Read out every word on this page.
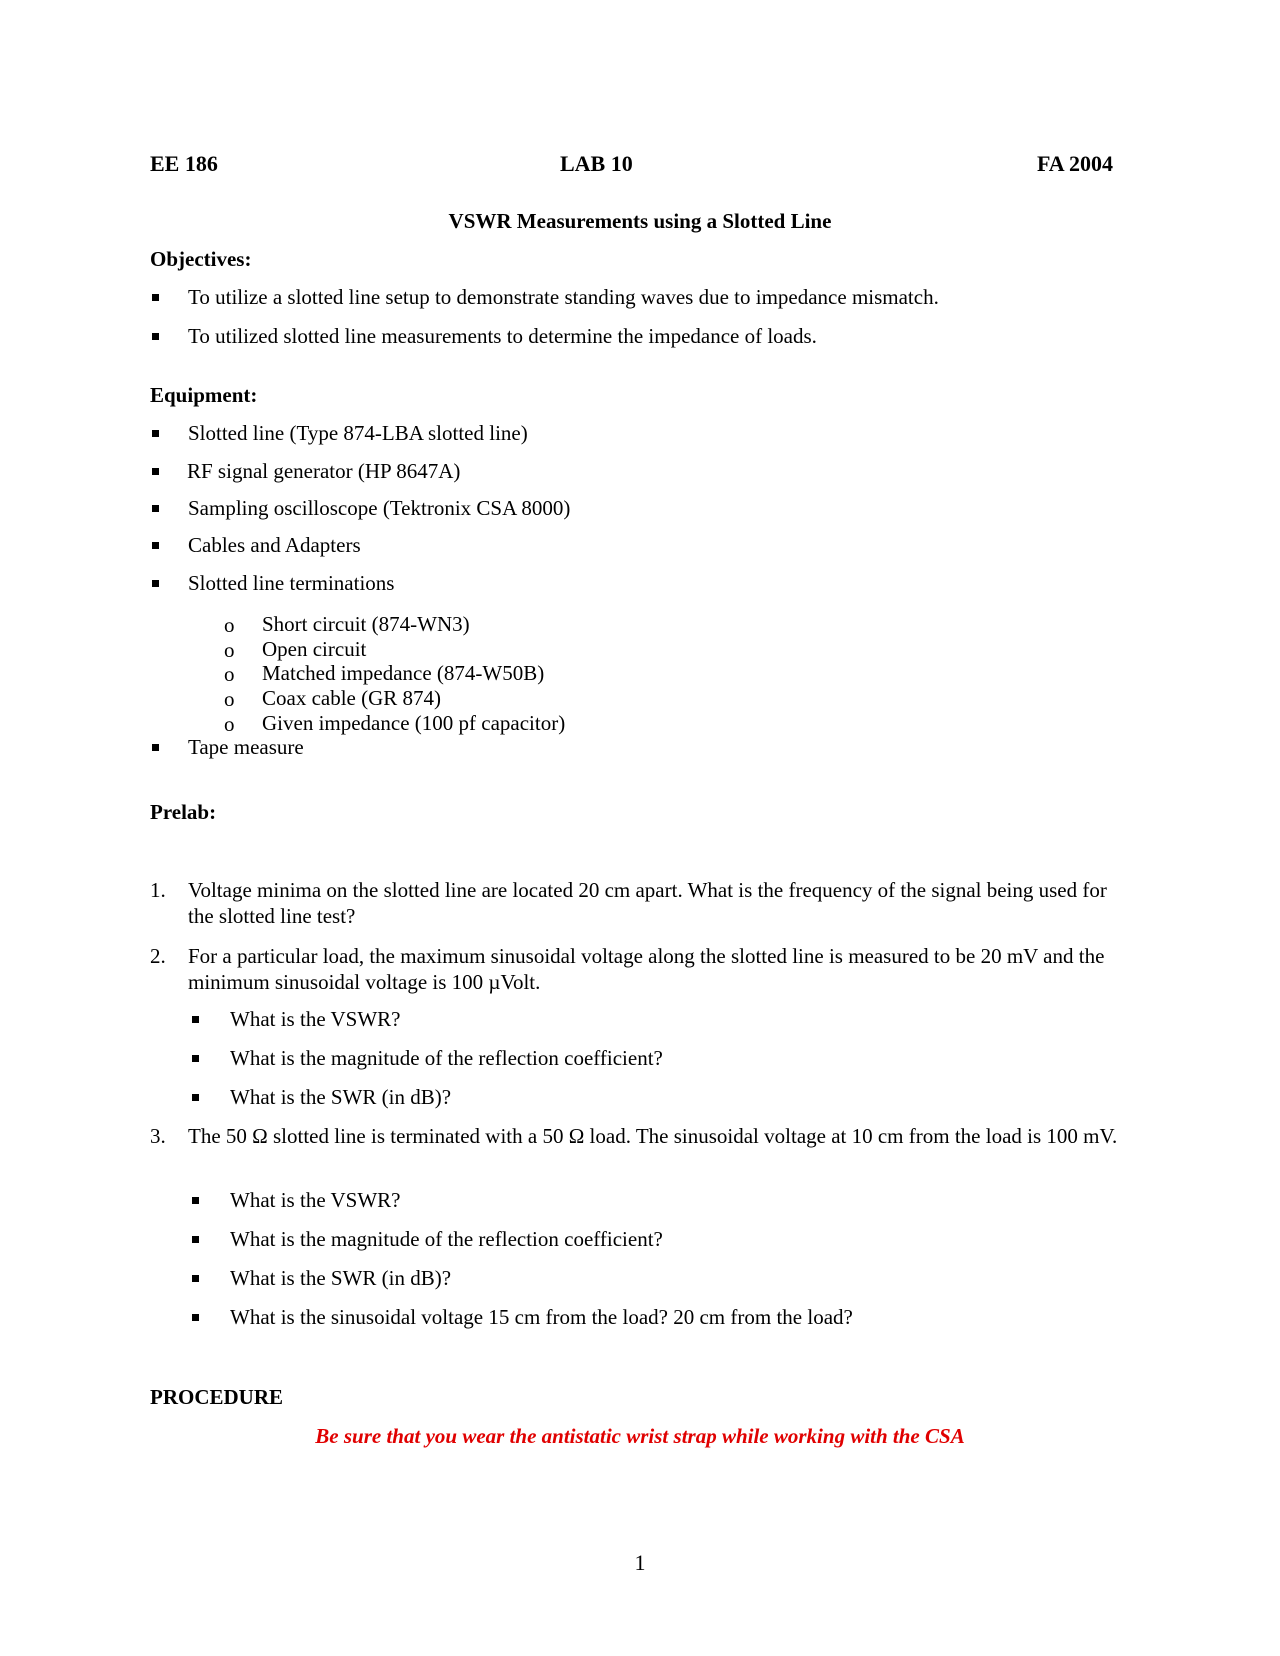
EE 186	LAB 10	FA 2004
VSWR Measurements using a Slotted Line
Objectives:
To utilize a slotted line setup to demonstrate standing waves due to impedance mismatch.
To utilized slotted line measurements to determine the impedance of loads.
Equipment:
Slotted line (Type 874-LBA slotted line)
RF signal generator (HP 8647A)
Sampling oscilloscope (Tektronix CSA 8000)
Cables and Adapters
Slotted line terminations
o Short circuit (874-WN3)
o Open circuit
o Matched impedance (874-W50B)
o Coax cable (GR 874)
o Given impedance (100 pf capacitor)
Tape measure
Prelab:
1. Voltage minima on the slotted line are located 20 cm apart. What is the frequency of the signal being used for the slotted line test?
2. For a particular load, the maximum sinusoidal voltage along the slotted line is measured to be 20 mV and the minimum sinusoidal voltage is 100 µVolt.
What is the VSWR?
What is the magnitude of the reflection coefficient?
What is the SWR (in dB)?
3. The 50 Ω slotted line is terminated with a 50 Ω load. The sinusoidal voltage at 10 cm from the load is 100 mV.
What is the VSWR?
What is the magnitude of the reflection coefficient?
What is the SWR (in dB)?
What is the sinusoidal voltage 15 cm from the load? 20 cm from the load?
PROCEDURE
Be sure that you wear the antistatic wrist strap while working with the CSA
1
